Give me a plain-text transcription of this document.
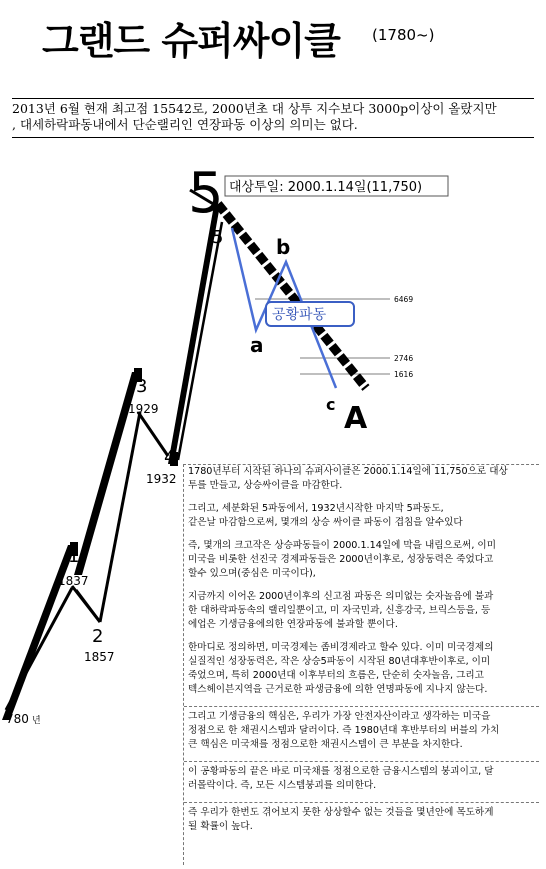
그랜드 슈퍼싸이클 (1780~)
2013년 6월 현재 최고점 15542로, 2000년초 대 상투 지수보다 3000p이상이 올랐지만
, 대세하락파동내에서 단순랠리인 연장파동 이상의 의미는 없다.
6469
2746
1616
5
5
3
1929
4
1932
1
1837
2
1857
780 년
대상투일: 2000.1.14일(11,750)
b
a
c A
공황파동
1780년부터 시작된 하나의 슈퍼사이클은 2000.1.14일에 11,750으로 대상
투를 만들고, 상승싸이클을 마감한다.
그리고, 세분화된 5파동에서, 1932년시작한 마지막 5파동도,
같은날 마감함으로써, 몇개의 상승 싸이클 파동이 겹침을 알수있다
즉, 몇개의 크고작은 상승파동들이 2000.1.14일에 막을 내림으로써, 이미
미국을 비롯한 선진국 경제파동들은 2000년이후로, 성장동력은 죽었다고
할수 있으며(중심은 미국이다),
지금까지 이어온 2000년이후의 신고점 파동은 의미없는 숫자놀음에 불과
한 대하락파동속의 랠리일뿐이고, 미 자국민과, 신흥강국, 브릭스등을, 등
에업은 기생금융에의한 연장파동에 불과할 뿐이다.
한마디로 정의하면, 미국경제는 좀비경제라고 할수 있다. 이미 미국경제의
실질적인 성장동력은, 작은 상승5파동이 시작된 80년대후반이후로, 이미
죽었으며, 특히 2000년대 이후부터의 흐름은, 단순히 숫자놀음, 그리고
텍스헤이븐지역을 근거로한 파생금융에 의한 연명파동에 지나지 않는다.
그리고 기생금융의 핵심은, 우리가 가장 안전자산이라고 생각하는 미국을
정점으로 한 채권시스템과 달러이다. 즉 1980년대 후반부터의 버블의 가치
큰 핵심은 미국채를 정점으로한 채권시스템이 큰 부분을 차지한다.
이 공황파동의 끝은 바로 미국채를 정점으로한 금융시스템의 붕괴이고, 달
러몰락이다. 즉, 모든 시스템붕괴를 의미한다.
즉 우리가 한번도 겪어보지 못한 상상할수 없는 것들을 몇년안에 목도하게
될 확률이 높다.
